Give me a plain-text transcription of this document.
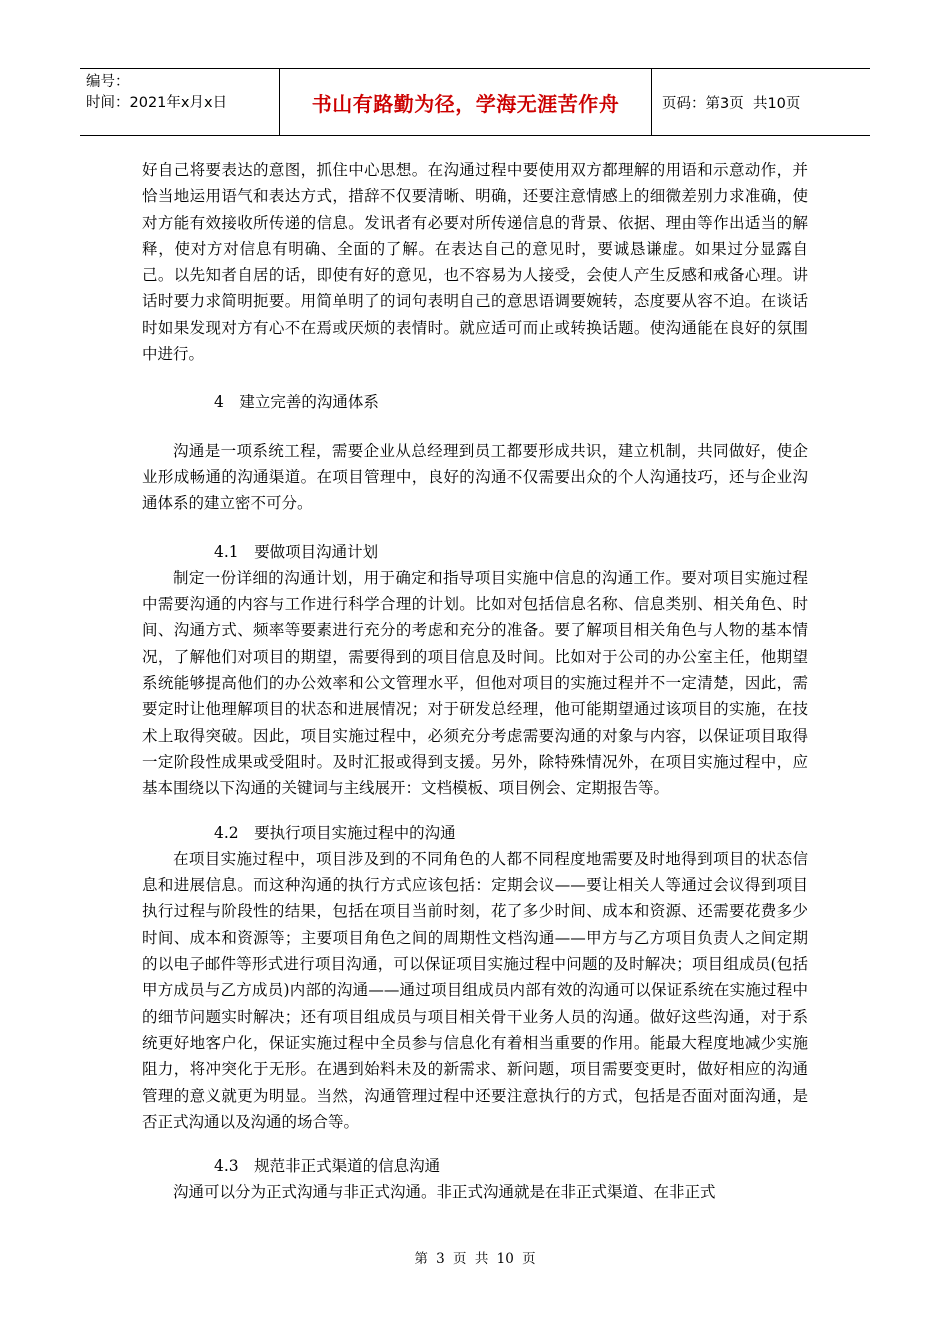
编号：
时间：2021年x月x日	书山有路勤为径，学海无涯苦作舟	页码： 第3页  共10页

好自己将要表达的意图，抓住中心思想。在沟通过程中要使用双方都理解的用语和示意动作，并恰当地运用语气和表达方式，措辞不仅要清晰、明确，还要注意情感上的细微差别力求准确，使对方能有效接收所传递的信息。发讯者有必要对所传递信息的背景、依据、理由等作出适当的解释，使对方对信息有明确、全面的了解。在表达自己的意见时，要诚恳谦虚。如果过分显露自己。以先知者自居的话，即使有好的意见，也不容易为人接受，会使人产生反感和戒备心理。讲话时要力求简明扼要。用简单明了的词句表明自己的意思语调要婉转，态度要从容不迫。在谈话时如果发现对方有心不在焉或厌烦的表情时。就应适可而止或转换话题。使沟通能在良好的氛围中进行。

4　建立完善的沟通体系

沟通是一项系统工程，需要企业从总经理到员工都要形成共识，建立机制，共同做好，使企业形成畅通的沟通渠道。在项目管理中，良好的沟通不仅需要出众的个人沟通技巧，还与企业沟通体系的建立密不可分。

4.1　要做项目沟通计划

制定一份详细的沟通计划，用于确定和指导项目实施中信息的沟通工作。要对项目实施过程中需要沟通的内容与工作进行科学合理的计划。比如对包括信息名称、信息类别、相关角色、时间、沟通方式、频率等要素进行充分的考虑和充分的准备。要了解项目相关角色与人物的基本情况，了解他们对项目的期望，需要得到的项目信息及时间。比如对于公司的办公室主任，他期望系统能够提高他们的办公效率和公文管理水平，但他对项目的实施过程并不一定清楚，因此，需要定时让他理解项目的状态和进展情况；对于研发总经理，他可能期望通过该项目的实施，在技术上取得突破。因此，项目实施过程中，必须充分考虑需要沟通的对象与内容，以保证项目取得一定阶段性成果或受阻时。及时汇报或得到支援。另外，除特殊情况外，在项目实施过程中，应基本围绕以下沟通的关键词与主线展开：文档模板、项目例会、定期报告等。

4.2　要执行项目实施过程中的沟通

在项目实施过程中，项目涉及到的不同角色的人都不同程度地需要及时地得到项目的状态信息和进展信息。而这种沟通的执行方式应该包括：定期会议——要让相关人等通过会议得到项目执行过程与阶段性的结果，包括在项目当前时刻，花了多少时间、成本和资源、还需要花费多少时间、成本和资源等；主要项目角色之间的周期性文档沟通——甲方与乙方项目负责人之间定期的以电子邮件等形式进行项目沟通，可以保证项目实施过程中问题的及时解决；项目组成员(包括甲方成员与乙方成员)内部的沟通——通过项目组成员内部有效的沟通可以保证系统在实施过程中的细节问题实时解决；还有项目组成员与项目相关骨干业务人员的沟通。做好这些沟通，对于系统更好地客户化，保证实施过程中全员参与信息化有着相当重要的作用。能最大程度地减少实施阻力，将冲突化于无形。在遇到始料未及的新需求、新问题，项目需要变更时，做好相应的沟通管理的意义就更为明显。当然，沟通管理过程中还要注意执行的方式，包括是否面对面沟通，是否正式沟通以及沟通的场合等。

4.3　规范非正式渠道的信息沟通

沟通可以分为正式沟通与非正式沟通。非正式沟通就是在非正式渠道、在非正式

第 3 页 共 10 页
